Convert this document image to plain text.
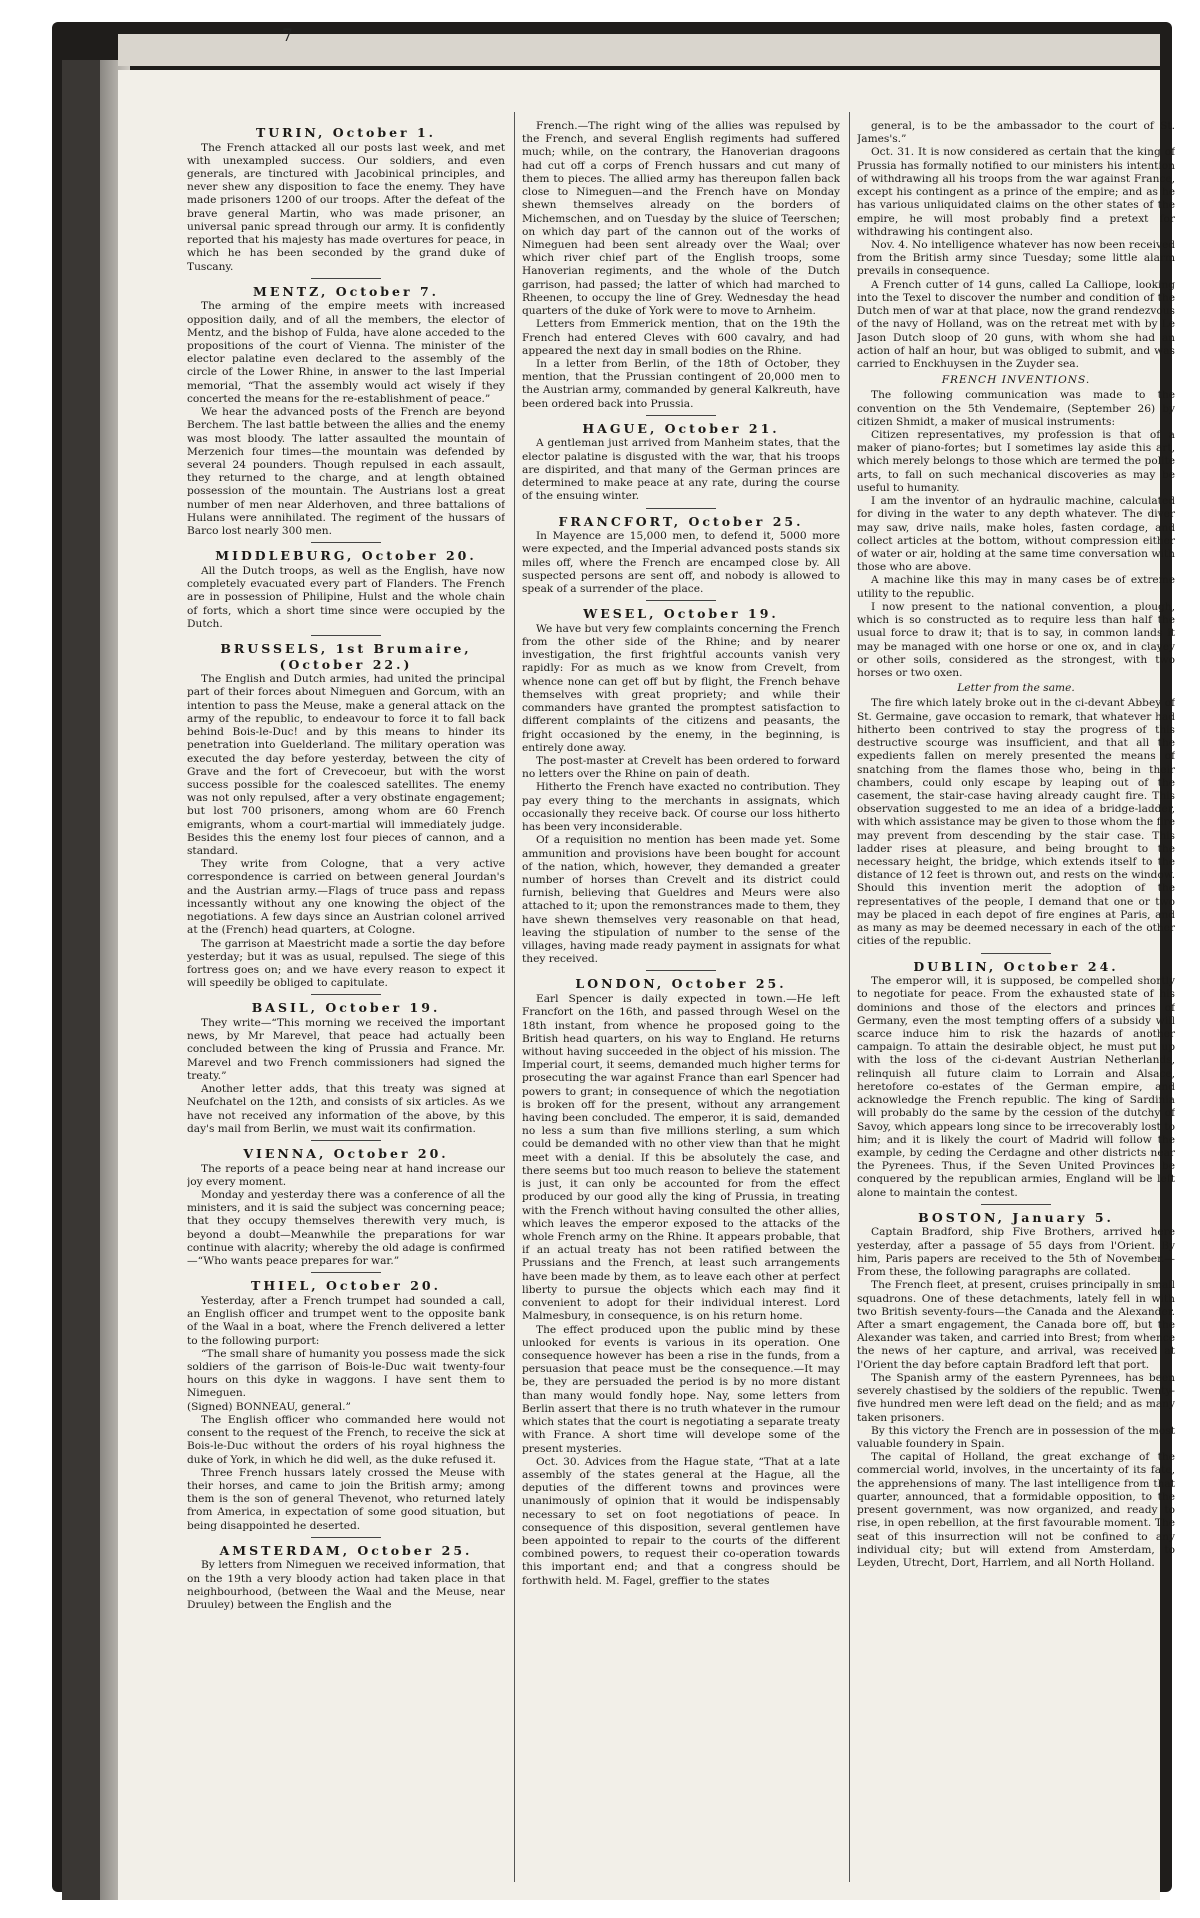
7
TURIN, October 1.

The French attacked all our posts last week, and met with unexampled success. Our soldiers, and even generals, are tinctured with Jacobinical principles, and never shew any disposition to face the enemy. They have made prisoners 1200 of our troops. After the defeat of the brave general Martin, who was made prisoner, an universal panic spread through our army. It is confidently reported that his majesty has made overtures for peace, in which he has been seconded by the grand duke of Tuscany.

MENTZ, October 7.

The arming of the empire meets with increased opposition daily, and of all the members, the elector of Mentz, and the bishop of Fulda, have alone acceded to the propositions of the court of Vienna. The minister of the elector palatine even declared to the assembly of the circle of the Lower Rhine, in answer to the last Imperial memorial, “That the assembly would act wisely if they concerted the means for the re-establishment of peace.”

We hear the advanced posts of the French are beyond Berchem. The last battle between the allies and the enemy was most bloody. The latter assaulted the mountain of Merzenich four times—the mountain was defended by several 24 pounders. Though repulsed in each assault, they returned to the charge, and at length obtained possession of the mountain. The Austrians lost a great number of men near Alderhoven, and three battalions of Hulans were annihilated. The regiment of the hussars of Barco lost nearly 300 men.

MIDDLEBURG, October 20.

All the Dutch troops, as well as the English, have now completely evacuated every part of Flanders. The French are in possession of Philipine, Hulst and the whole chain of forts, which a short time since were occupied by the Dutch.

BRUSSELS, 1st Brumaire, (October 22.)

The English and Dutch armies, had united the principal part of their forces about Nimeguen and Gorcum, with an intention to pass the Meuse, make a general attack on the army of the republic, to endeavour to force it to fall back behind Bois-le-Duc! and by this means to hinder its penetration into Guelderland. The military operation was executed the day before yesterday, between the city of Grave and the fort of Crevecoeur, but with the worst success possible for the coalesced satellites. The enemy was not only repulsed, after a very obstinate engagement; but lost 700 prisoners, among whom are 60 French emigrants, whom a court-martial will immediately judge. Besides this the enemy lost four pieces of cannon, and a standard.

They write from Cologne, that a very active correspondence is carried on between general Jourdan's and the Austrian army.—Flags of truce pass and repass incessantly without any one knowing the object of the negotiations. A few days since an Austrian colonel arrived at the (French) head quarters, at Cologne.

The garrison at Maestricht made a sortie the day before yesterday; but it was as usual, repulsed. The siege of this fortress goes on; and we have every reason to expect it will speedily be obliged to capitulate.

BASIL, October 19.

They write—“This morning we received the important news, by Mr Marevel, that peace had actually been concluded between the king of Prussia and France. Mr. Marevel and two French commissioners had signed the treaty.”

Another letter adds, that this treaty was signed at Neufchatel on the 12th, and consists of six articles. As we have not received any information of the above, by this day's mail from Berlin, we must wait its confirmation.

VIENNA, October 20.

The reports of a peace being near at hand increase our joy every moment.

Monday and yesterday there was a conference of all the ministers, and it is said the subject was concerning peace; that they occupy themselves therewith very much, is beyond a doubt—Meanwhile the preparations for war continue with alacrity; whereby the old adage is confirmed—“Who wants peace prepares for war.”

THIEL, October 20.

Yesterday, after a French trumpet had sounded a call, an English officer and trumpet went to the opposite bank of the Waal in a boat, where the French delivered a letter to the following purport:

“The small share of humanity you possess made the sick soldiers of the garrison of Bois-le-Duc wait twenty-four hours on this dyke in waggons. I have sent them to Nimeguen.

(Signed) BONNEAU, general.”

The English officer who commanded here would not consent to the request of the French, to receive the sick at Bois-le-Duc without the orders of his royal highness the duke of York, in which he did well, as the duke refused it.

Three French hussars lately crossed the Meuse with their horses, and came to join the British army; among them is the son of general Thevenot, who returned lately from America, in expectation of some good situation, but being disappointed he deserted.

AMSTERDAM, October 25.

By letters from Nimeguen we received information, that on the 19th a very bloody action had taken place in that neighbourhood, (between the Waal and the Meuse, near Druuley) between the English and the

French.—The right wing of the allies was repulsed by the French, and several English regiments had suffered much; while, on the contrary, the Hanoverian dragoons had cut off a corps of French hussars and cut many of them to pieces. The allied army has thereupon fallen back close to Nimeguen—and the French have on Monday shewn themselves already on the borders of Michemschen, and on Tuesday by the sluice of Teerschen; on which day part of the cannon out of the works of Nimeguen had been sent already over the Waal; over which river chief part of the English troops, some Hanoverian regiments, and the whole of the Dutch garrison, had passed; the latter of which had marched to Rheenen, to occupy the line of Grey. Wednesday the head quarters of the duke of York were to move to Arnheim.

Letters from Emmerick mention, that on the 19th the French had entered Cleves with 600 cavalry, and had appeared the next day in small bodies on the Rhine.

In a letter from Berlin, of the 18th of October, they mention, that the Prussian contingent of 20,000 men to the Austrian army, commanded by general Kalkreuth, have been ordered back into Prussia.

HAGUE, October 21.

A gentleman just arrived from Manheim states, that the elector palatine is disgusted with the war, that his troops are dispirited, and that many of the German princes are determined to make peace at any rate, during the course of the ensuing winter.

FRANCFORT, October 25.

In Mayence are 15,000 men, to defend it, 5000 more were expected, and the Imperial advanced posts stands six miles off, where the French are encamped close by. All suspected persons are sent off, and nobody is allowed to speak of a surrender of the place.

WESEL, October 19.

We have but very few complaints concerning the French from the other side of the Rhine; and by nearer investigation, the first frightful accounts vanish very rapidly: For as much as we know from Crevelt, from whence none can get off but by flight, the French behave themselves with great propriety; and while their commanders have granted the promptest satisfaction to different complaints of the citizens and peasants, the fright occasioned by the enemy, in the beginning, is entirely done away.

The post-master at Crevelt has been ordered to forward no letters over the Rhine on pain of death.

Hitherto the French have exacted no contribution. They pay every thing to the merchants in assignats, which occasionally they receive back. Of course our loss hitherto has been very inconsiderable.

Of a requisition no mention has been made yet. Some ammunition and provisions have been bought for account of the nation, which, however, they demanded a greater number of horses than Crevelt and its district could furnish, believing that Gueldres and Meurs were also attached to it; upon the remonstrances made to them, they have shewn themselves very reasonable on that head, leaving the stipulation of number to the sense of the villages, having made ready payment in assignats for what they received.

LONDON, October 25.

Earl Spencer is daily expected in town.—He left Francfort on the 16th, and passed through Wesel on the 18th instant, from whence he proposed going to the British head quarters, on his way to England. He returns without having succeeded in the object of his mission. The Imperial court, it seems, demanded much higher terms for prosecuting the war against France than earl Spencer had powers to grant; in consequence of which the negotiation is broken off for the present, without any arrangement having been concluded. The emperor, it is said, demanded no less a sum than five millions sterling, a sum which could be demanded with no other view than that he might meet with a denial. If this be absolutely the case, and there seems but too much reason to believe the statement is just, it can only be accounted for from the effect produced by our good ally the king of Prussia, in treating with the French without having consulted the other allies, which leaves the emperor exposed to the attacks of the whole French army on the Rhine. It appears probable, that if an actual treaty has not been ratified between the Prussians and the French, at least such arrangements have been made by them, as to leave each other at perfect liberty to pursue the objects which each may find it convenient to adopt for their individual interest. Lord Malmesbury, in consequence, is on his return home.

The effect produced upon the public mind by these unlooked for events is various in its operation. One consequence however has been a rise in the funds, from a persuasion that peace must be the consequence.—It may be, they are persuaded the period is by no more distant than many would fondly hope. Nay, some letters from Berlin assert that there is no truth whatever in the rumour which states that the court is negotiating a separate treaty with France. A short time will develope some of the present mysteries.

Oct. 30. Advices from the Hague state, “That at a late assembly of the states general at the Hague, all the deputies of the different towns and provinces were unanimously of opinion that it would be indispensably necessary to set on foot negotiations of peace. In consequence of this disposition, several gentlemen have been appointed to repair to the courts of the different combined powers, to request their co-operation towards this important end; and that a congress should be forthwith held. M. Fagel, greffier to the states

general, is to be the ambassador to the court of St. James's.”

Oct. 31. It is now considered as certain that the king of Prussia has formally notified to our ministers his intention of withdrawing all his troops from the war against France, except his contingent as a prince of the empire; and as he has various unliquidated claims on the other states of the empire, he will most probably find a pretext for withdrawing his contingent also.

Nov. 4. No intelligence whatever has now been received from the British army since Tuesday; some little alarm prevails in consequence.

A French cutter of 14 guns, called La Calliope, looking into the Texel to discover the number and condition of the Dutch men of war at that place, now the grand rendezvous of the navy of Holland, was on the retreat met with by Le Jason Dutch sloop of 20 guns, with whom she had an action of half an hour, but was obliged to submit, and was carried to Enckhuysen in the Zuyder sea.

FRENCH INVENTIONS.

The following communication was made to the convention on the 5th Vendemaire, (September 26) by citizen Shmidt, a maker of musical instruments:

Citizen representatives, my profession is that of a maker of piano-fortes; but I sometimes lay aside this art, which merely belongs to those which are termed the polite arts, to fall on such mechanical discoveries as may be useful to humanity.

I am the inventor of an hydraulic machine, calculated for diving in the water to any depth whatever. The diver may saw, drive nails, make holes, fasten cordage, and collect articles at the bottom, without compression either of water or air, holding at the same time conversation with those who are above.

A machine like this may in many cases be of extreme utility to the republic.

I now present to the national convention, a plough, which is so constructed as to require less than half the usual force to draw it; that is to say, in common lands it may be managed with one horse or one ox, and in clayey or other soils, considered as the strongest, with two horses or two oxen.

Letter from the same.

The fire which lately broke out in the ci-devant Abbey of St. Germaine, gave occasion to remark, that whatever had hitherto been contrived to stay the progress of this destructive scourge was insufficient, and that all the expedients fallen on merely presented the means of snatching from the flames those who, being in their chambers, could only escape by leaping out of the casement, the stair-case having already caught fire. This observation suggested to me an idea of a bridge-ladder, with which assistance may be given to those whom the fire may prevent from descending by the stair case. This ladder rises at pleasure, and being brought to the necessary height, the bridge, which extends itself to the distance of 12 feet is thrown out, and rests on the window. Should this invention merit the adoption of the representatives of the people, I demand that one or two may be placed in each depot of fire engines at Paris, and as many as may be deemed necessary in each of the other cities of the republic.

DUBLIN, October 24.

The emperor will, it is supposed, be compelled shortly to negotiate for peace. From the exhausted state of his dominions and those of the electors and princes of Germany, even the most tempting offers of a subsidy will scarce induce him to risk the hazards of another campaign. To attain the desirable object, he must put up with the loss of the ci-devant Austrian Netherlands, relinquish all future claim to Lorrain and Alsace, heretofore co-estates of the German empire, and acknowledge the French republic. The king of Sardinia will probably do the same by the cession of the dutchy of Savoy, which appears long since to be irrecoverably lost to him; and it is likely the court of Madrid will follow the example, by ceding the Cerdagne and other districts near the Pyrenees. Thus, if the Seven United Provinces be conquered by the republican armies, England will be left alone to maintain the contest.

BOSTON, January 5.

Captain Bradford, ship Five Brothers, arrived here yesterday, after a passage of 55 days from l'Orient. By him, Paris papers are received to the 5th of November.—From these, the following paragraphs are collated.

The French fleet, at present, cruises principally in small squadrons. One of these detachments, lately fell in with two British seventy-fours—the Canada and the Alexander. After a smart engagement, the Canada bore off, but the Alexander was taken, and carried into Brest; from whence the news of her capture, and arrival, was received at l'Orient the day before captain Bradford left that port.

The Spanish army of the eastern Pyrennees, has been severely chastised by the soldiers of the republic. Twenty-five hundred men were left dead on the field; and as many taken prisoners.

By this victory the French are in possession of the most valuable foundery in Spain.

The capital of Holland, the great exchange of the commercial world, involves, in the uncertainty of its fate, the apprehensions of many. The last intelligence from that quarter, announced, that a formidable opposition, to the present government, was now organized, and ready to rise, in open rebellion, at the first favourable moment. The seat of this insurrection will not be confined to any individual city; but will extend from Amsterdam, to Leyden, Utrecht, Dort, Harrlem, and all North Holland.
